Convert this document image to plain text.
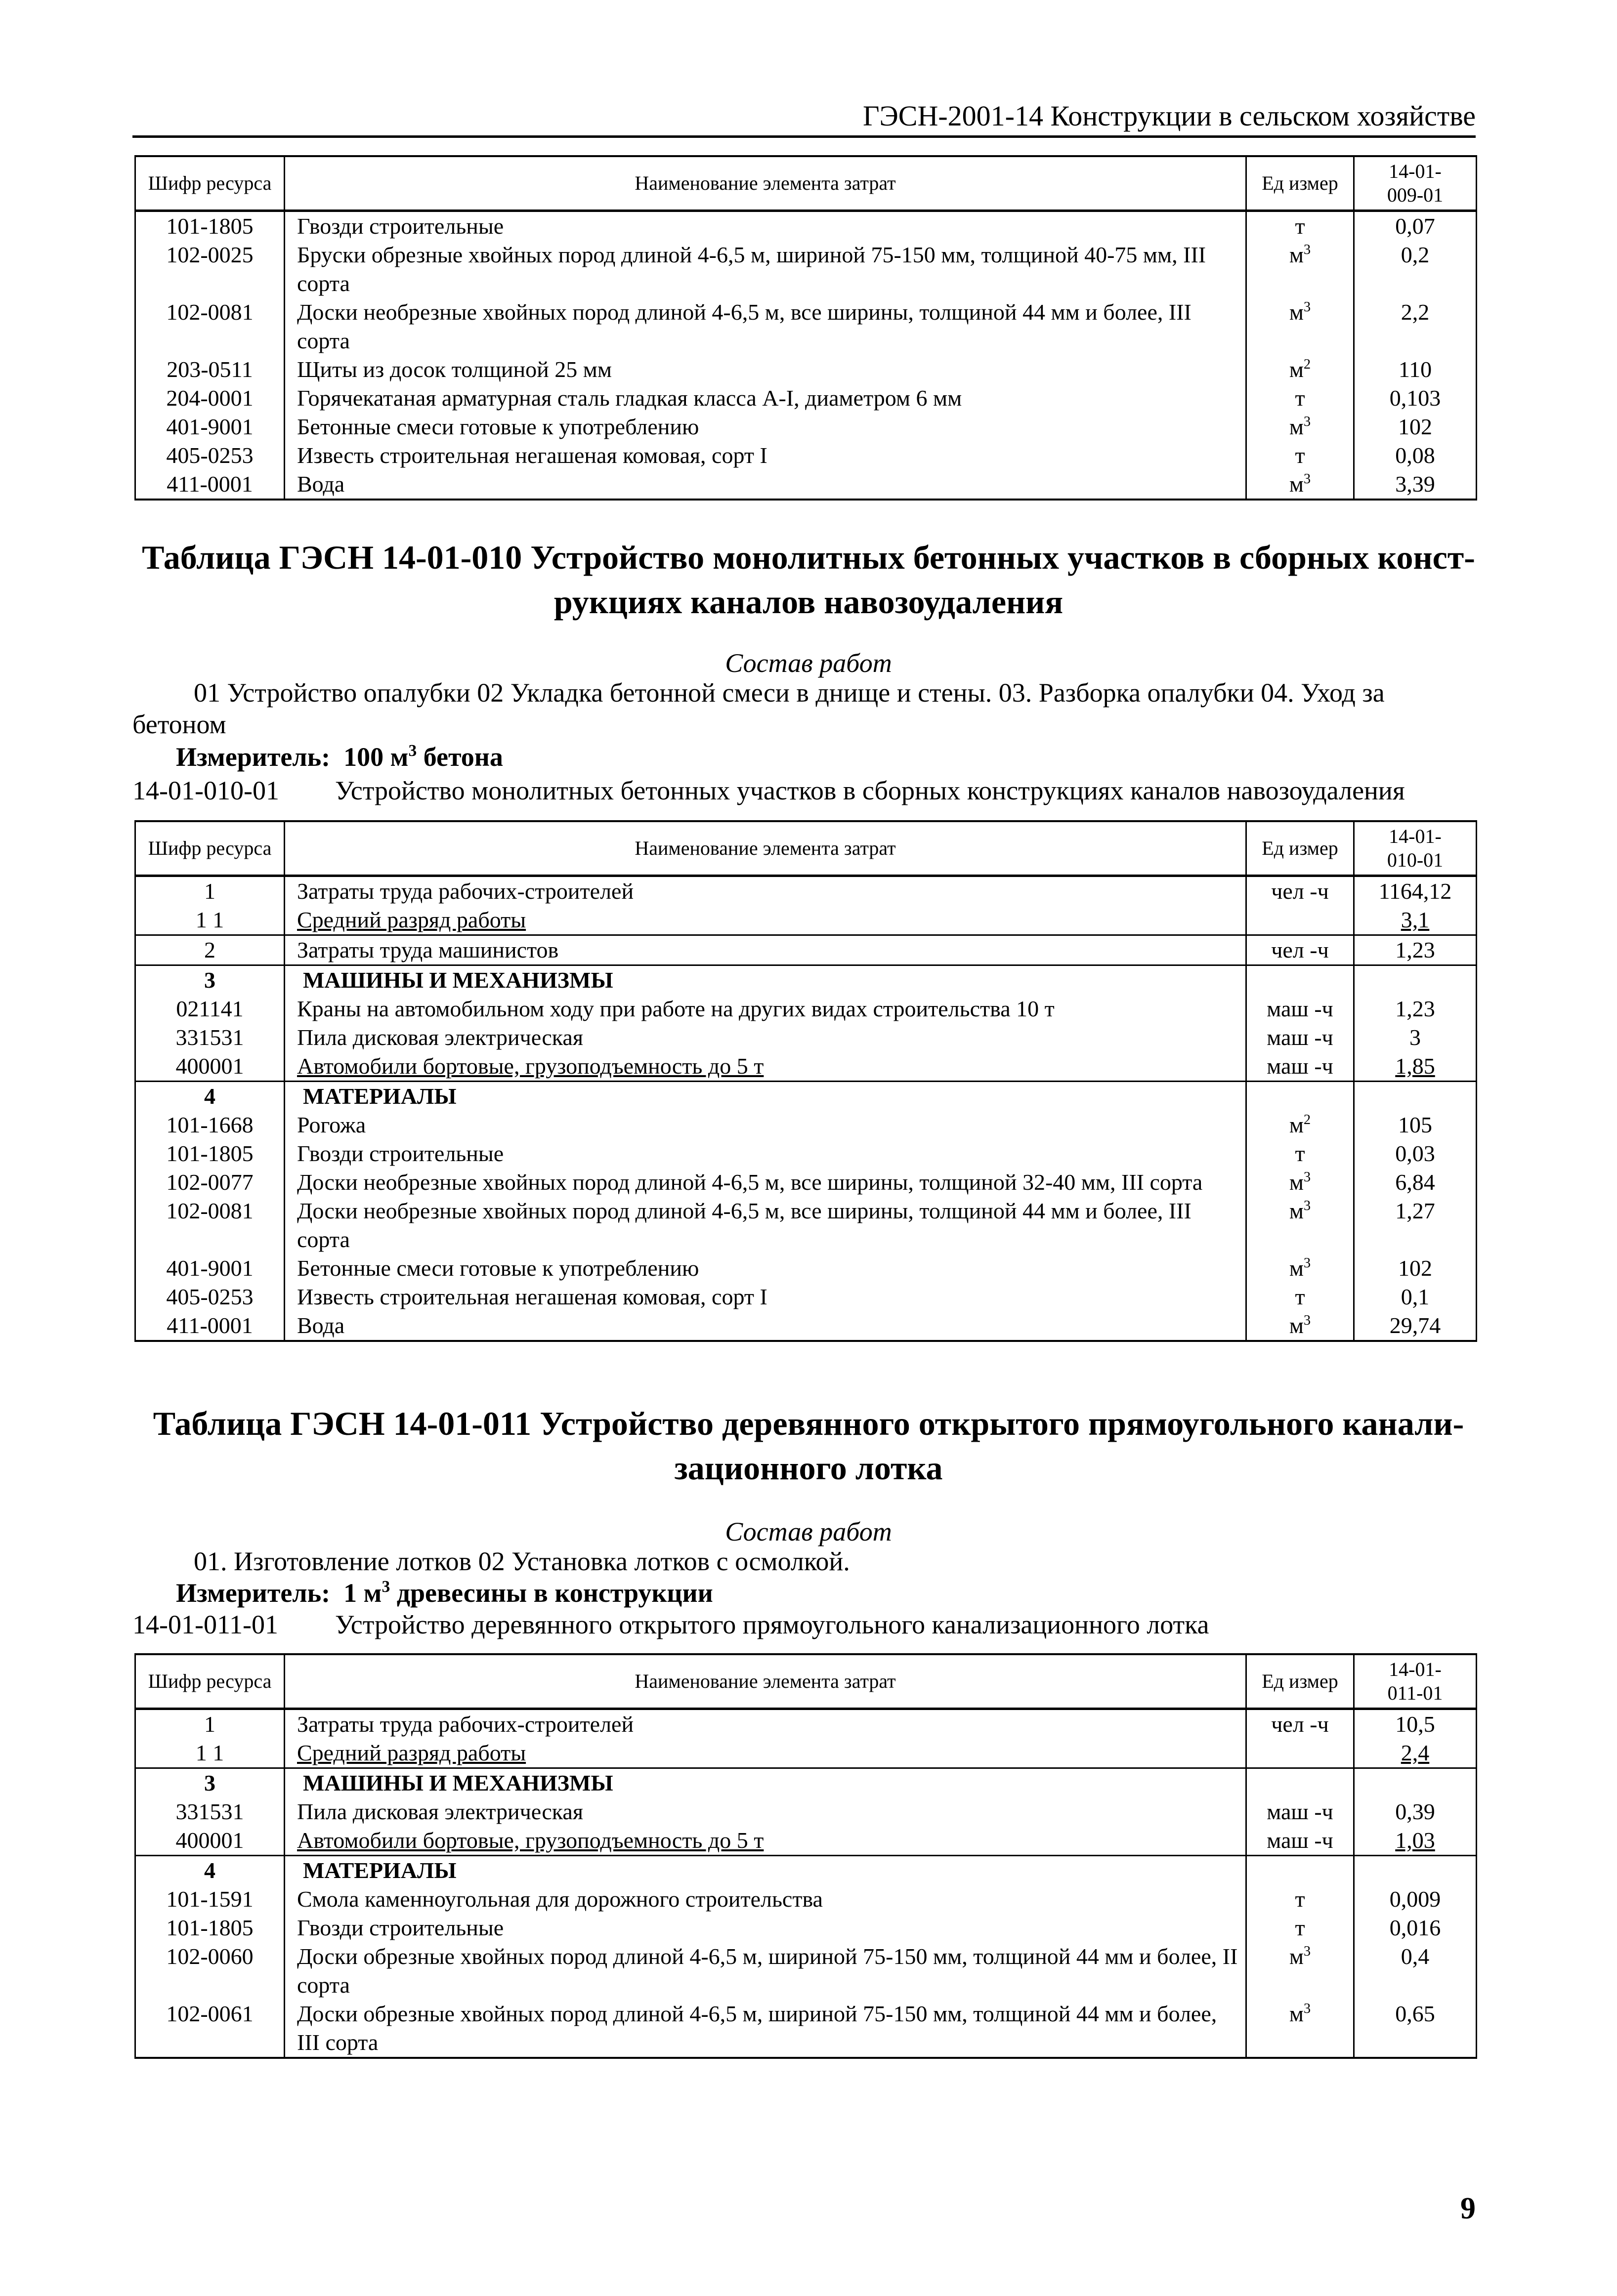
ГЭСН-2001-14 Конструкции в сельском хозяйстве
Шифр ресурса	Наименование элемента затрат	Ед измер	14-01-
009-01

101-1805	Гвозди строительные	т	0,07
102-0025	Бруски обрезные хвойных пород длиной 4-6,5 м, шириной 75-150 мм, толщиной 40-75 мм, III сорта	$м^3$	0,2
102-0081	Доски необрезные хвойных пород длиной 4-6,5 м, все ширины, толщиной 44 мм и более, III сорта	$м^3$	2,2
203-0511	Щиты из досок толщиной 25 мм	$м^2$	110
204-0001	Горячекатаная арматурная сталь гладкая класса А-I, диаметром 6 мм	т	0,103
401-9001	Бетонные смеси готовые к употреблению	$м^3$	102
405-0253	Известь строительная негашеная комовая, сорт I	т	0,08
411-0001	Вода	$м^3$	3,39
Таблица ГЭСН 14-01-010 Устройство монолитных бетонных участков в сборных конст-
рукциях каналов навозоудаления
Состав работ
01 Устройство опалубки 02 Укладка бетонной смеси в днище и стены. 03. Разборка опалубки 04. Уход за бетоном
Измеритель: 100 $м^3$ бетона
14-01-010-01 Устройство монолитных бетонных участков в сборных конструкциях каналов навозоудаления
Шифр ресурса	Наименование элемента затрат	Ед измер	14-01-
010-01

1	Затраты труда рабочих-строителей	чел -ч	1164,12
1 1	Средний разряд работы		3,1
2	Затраты труда машинистов	чел -ч	1,23
3	МАШИНЫ И МЕХАНИЗМЫ		
021141	Краны на автомобильном ходу при работе на других видах строительства 10 т	маш -ч	1,23
331531	Пила дисковая электрическая	маш -ч	3
400001	Автомобили бортовые, грузоподъемность до 5 т	маш -ч	1,85
4	МАТЕРИАЛЫ		
101-1668	Рогожа	$м^2$	105
101-1805	Гвозди строительные	т	0,03
102-0077	Доски необрезные хвойных пород длиной 4-6,5 м, все ширины, толщиной 32-40 мм, III сорта	$м^3$	6,84
102-0081	Доски необрезные хвойных пород длиной 4-6,5 м, все ширины, толщиной 44 мм и более, III сорта	$м^3$	1,27
401-9001	Бетонные смеси готовые к употреблению	$м^3$	102
405-0253	Известь строительная негашеная комовая, сорт I	т	0,1
411-0001	Вода	$м^3$	29,74
Таблица ГЭСН 14-01-011 Устройство деревянного открытого прямоугольного канали-
зационного лотка
Состав работ
01. Изготовление лотков 02 Установка лотков с осмолкой.
Измеритель: 1 $м^3$ древесины в конструкции
14-01-011-01 Устройство деревянного открытого прямоугольного канализационного лотка
Шифр ресурса	Наименование элемента затрат	Ед измер	14-01-
011-01

1	Затраты труда рабочих-строителей	чел -ч	10,5
1 1	Средний разряд работы		2,4
3	МАШИНЫ И МЕХАНИЗМЫ		
331531	Пила дисковая электрическая	маш -ч	0,39
400001	Автомобили бортовые, грузоподъемность до 5 т	маш -ч	1,03
4	МАТЕРИАЛЫ		
101-1591	Смола каменноугольная для дорожного строительства	т	0,009
101-1805	Гвозди строительные	т	0,016
102-0060	Доски обрезные хвойных пород длиной 4-6,5 м, шириной 75-150 мм, толщиной 44 мм и более, II сорта	$м^3$	0,4
102-0061	Доски обрезные хвойных пород длиной 4-6,5 м, шириной 75-150 мм, толщиной 44 мм и более, III сорта	$м^3$	0,65
9
